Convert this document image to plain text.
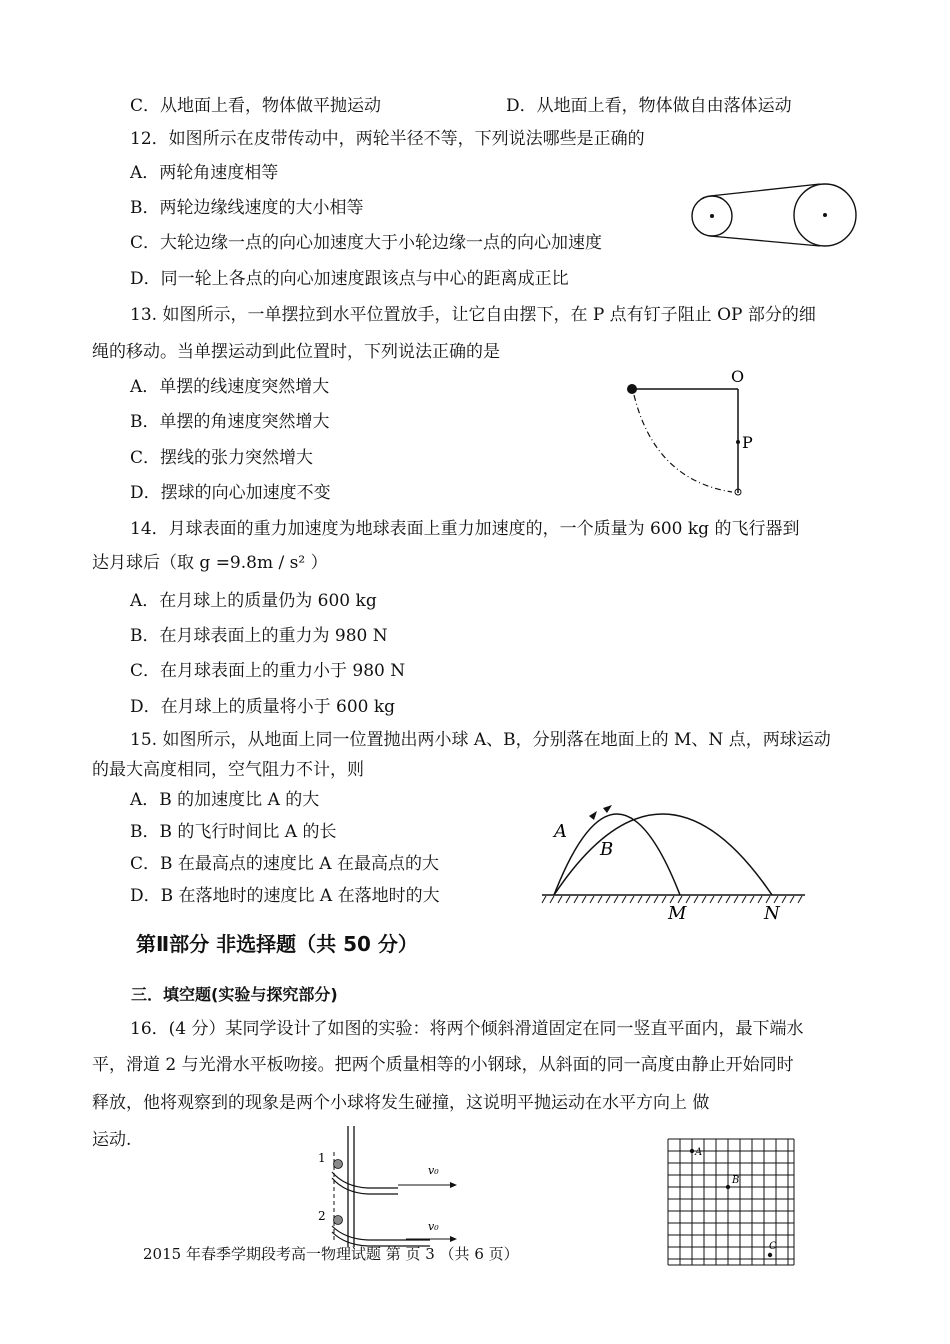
C．从地面上看，物体做平抛运动	D．从地面上看，物体做自由落体运动
12．如图所示在皮带传动中，两轮半径不等，下列说法哪些是正确的
A．两轮角速度相等
B．两轮边缘线速度的大小相等
C．大轮边缘一点的向心加速度大于小轮边缘一点的向心加速度
D．同一轮上各点的向心加速度跟该点与中心的距离成正比
13. 如图所示，一单摆拉到水平位置放手，让它自由摆下，在 P 点有钉子阻止 OP 部分的细
绳的移动。当单摆运动到此位置时，下列说法正确的是
A．单摆的线速度突然增大
B．单摆的角速度突然增大
C．摆线的张力突然增大
D．摆球的向心加速度不变
O
P
14．月球表面的重力加速度为地球表面上重力加速度的，一个质量为 600 kg 的飞行器到
达月球后（取 g =9.8m / s² ）
A．在月球上的质量仍为 600 kg
B．在月球表面上的重力为 980 N
C．在月球表面上的重力小于 980 N
D．在月球上的质量将小于 600 kg
15. 如图所示，从地面上同一位置抛出两小球 A、B，分别落在地面上的 M、N 点，两球运动
的最大高度相同，空气阻力不计，则
A．B 的加速度比 A 的大
B．B 的飞行时间比 A 的长
C．B 在最高点的速度比 A 在最高点的大
D．B 在落地时的速度比 A 在落地时的大
A
B
M	N
第Ⅱ部分 非选择题（共 50 分）
三．填空题(实验与探究部分)
16．(4 分）某同学设计了如图的实验：将两个倾斜滑道固定在同一竖直平面内，最下端水
平，滑道 2 与光滑水平板吻接。把两个质量相等的小钢球，从斜面的同一高度由静止开始同时
释放，他将观察到的现象是两个小球将发生碰撞，这说明平抛运动在水平方向上 做
运动.
1
2
v₀
v₀
A
B
C
2015 年春季学期段考高一物理试题 第 页 3 （共 6 页）
